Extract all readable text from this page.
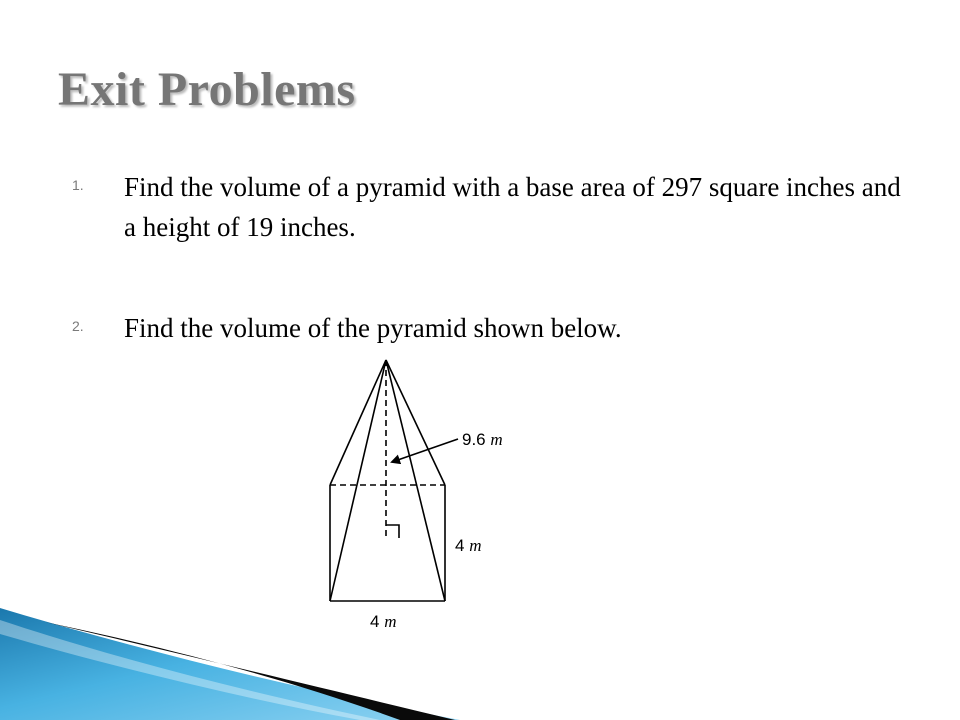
Exit Problems
1. Find the volume of a pyramid with a base area of 297 square inches and a height of 19 inches.
2. Find the volume of the pyramid shown below.
9.6 m
4 m
4 m
